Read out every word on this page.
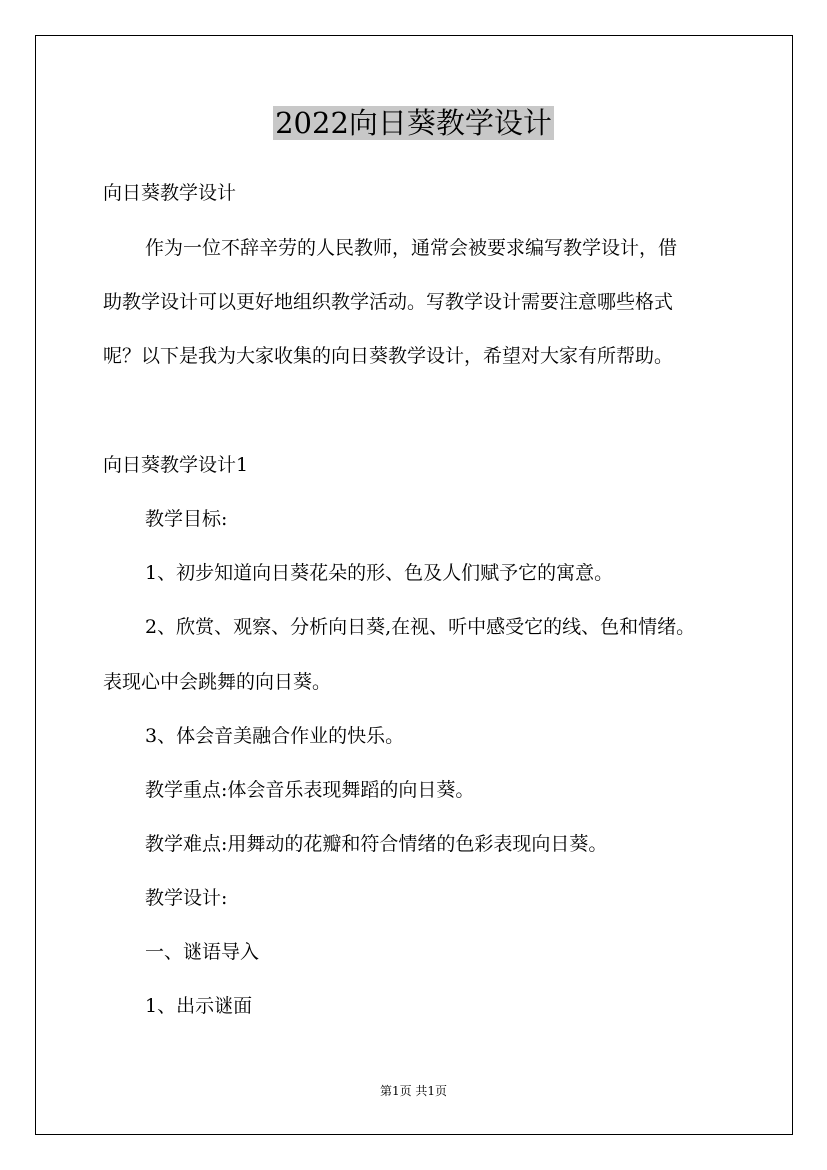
2022向日葵教学设计
向日葵教学设计
作为一位不辞辛劳的人民教师，通常会被要求编写教学设计，借
助教学设计可以更好地组织教学活动。写教学设计需要注意哪些格式
呢？以下是我为大家收集的向日葵教学设计，希望对大家有所帮助。
向日葵教学设计1
教学目标:
1、初步知道向日葵花朵的形、色及人们赋予它的寓意。
2、欣赏、观察、分析向日葵,在视、听中感受它的线、色和情绪。
表现心中会跳舞的向日葵。
3、体会音美融合作业的快乐。
教学重点:体会音乐表现舞蹈的向日葵。
教学难点:用舞动的花瓣和符合情绪的色彩表现向日葵。
教学设计:
一、谜语导入
1、出示谜面
第1页 共1页
